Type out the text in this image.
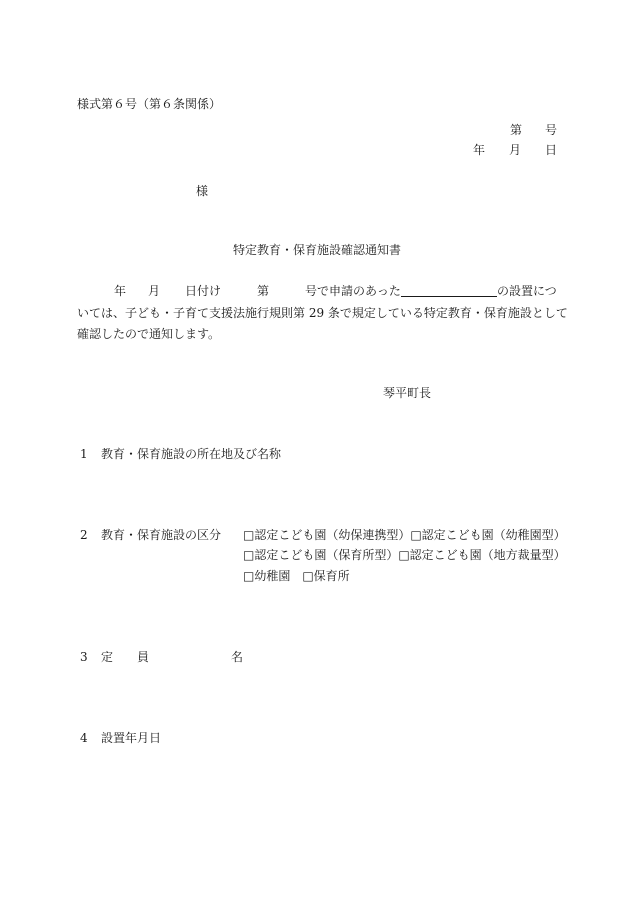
様式第６号（第６条関係）
第 号
年 月 日
様
特定教育・保育施設確認通知書
年 月 日付け	第	号で申請のあった	の設置につ
いては、子ども・子育て支援法施行規則第 29 条で規定している特定教育・保育施設として
確認したので通知します。
琴平町長
1 教育・保育施設の所在地及び名称
2 教育・保育施設の区分 □認定こども園（幼保連携型）□認定こども園（幼稚園型）
□認定こども園（保育所型）□認定こども園（地方裁量型）
□幼稚園　□保育所
3 定　　員	名
4 設置年月日
